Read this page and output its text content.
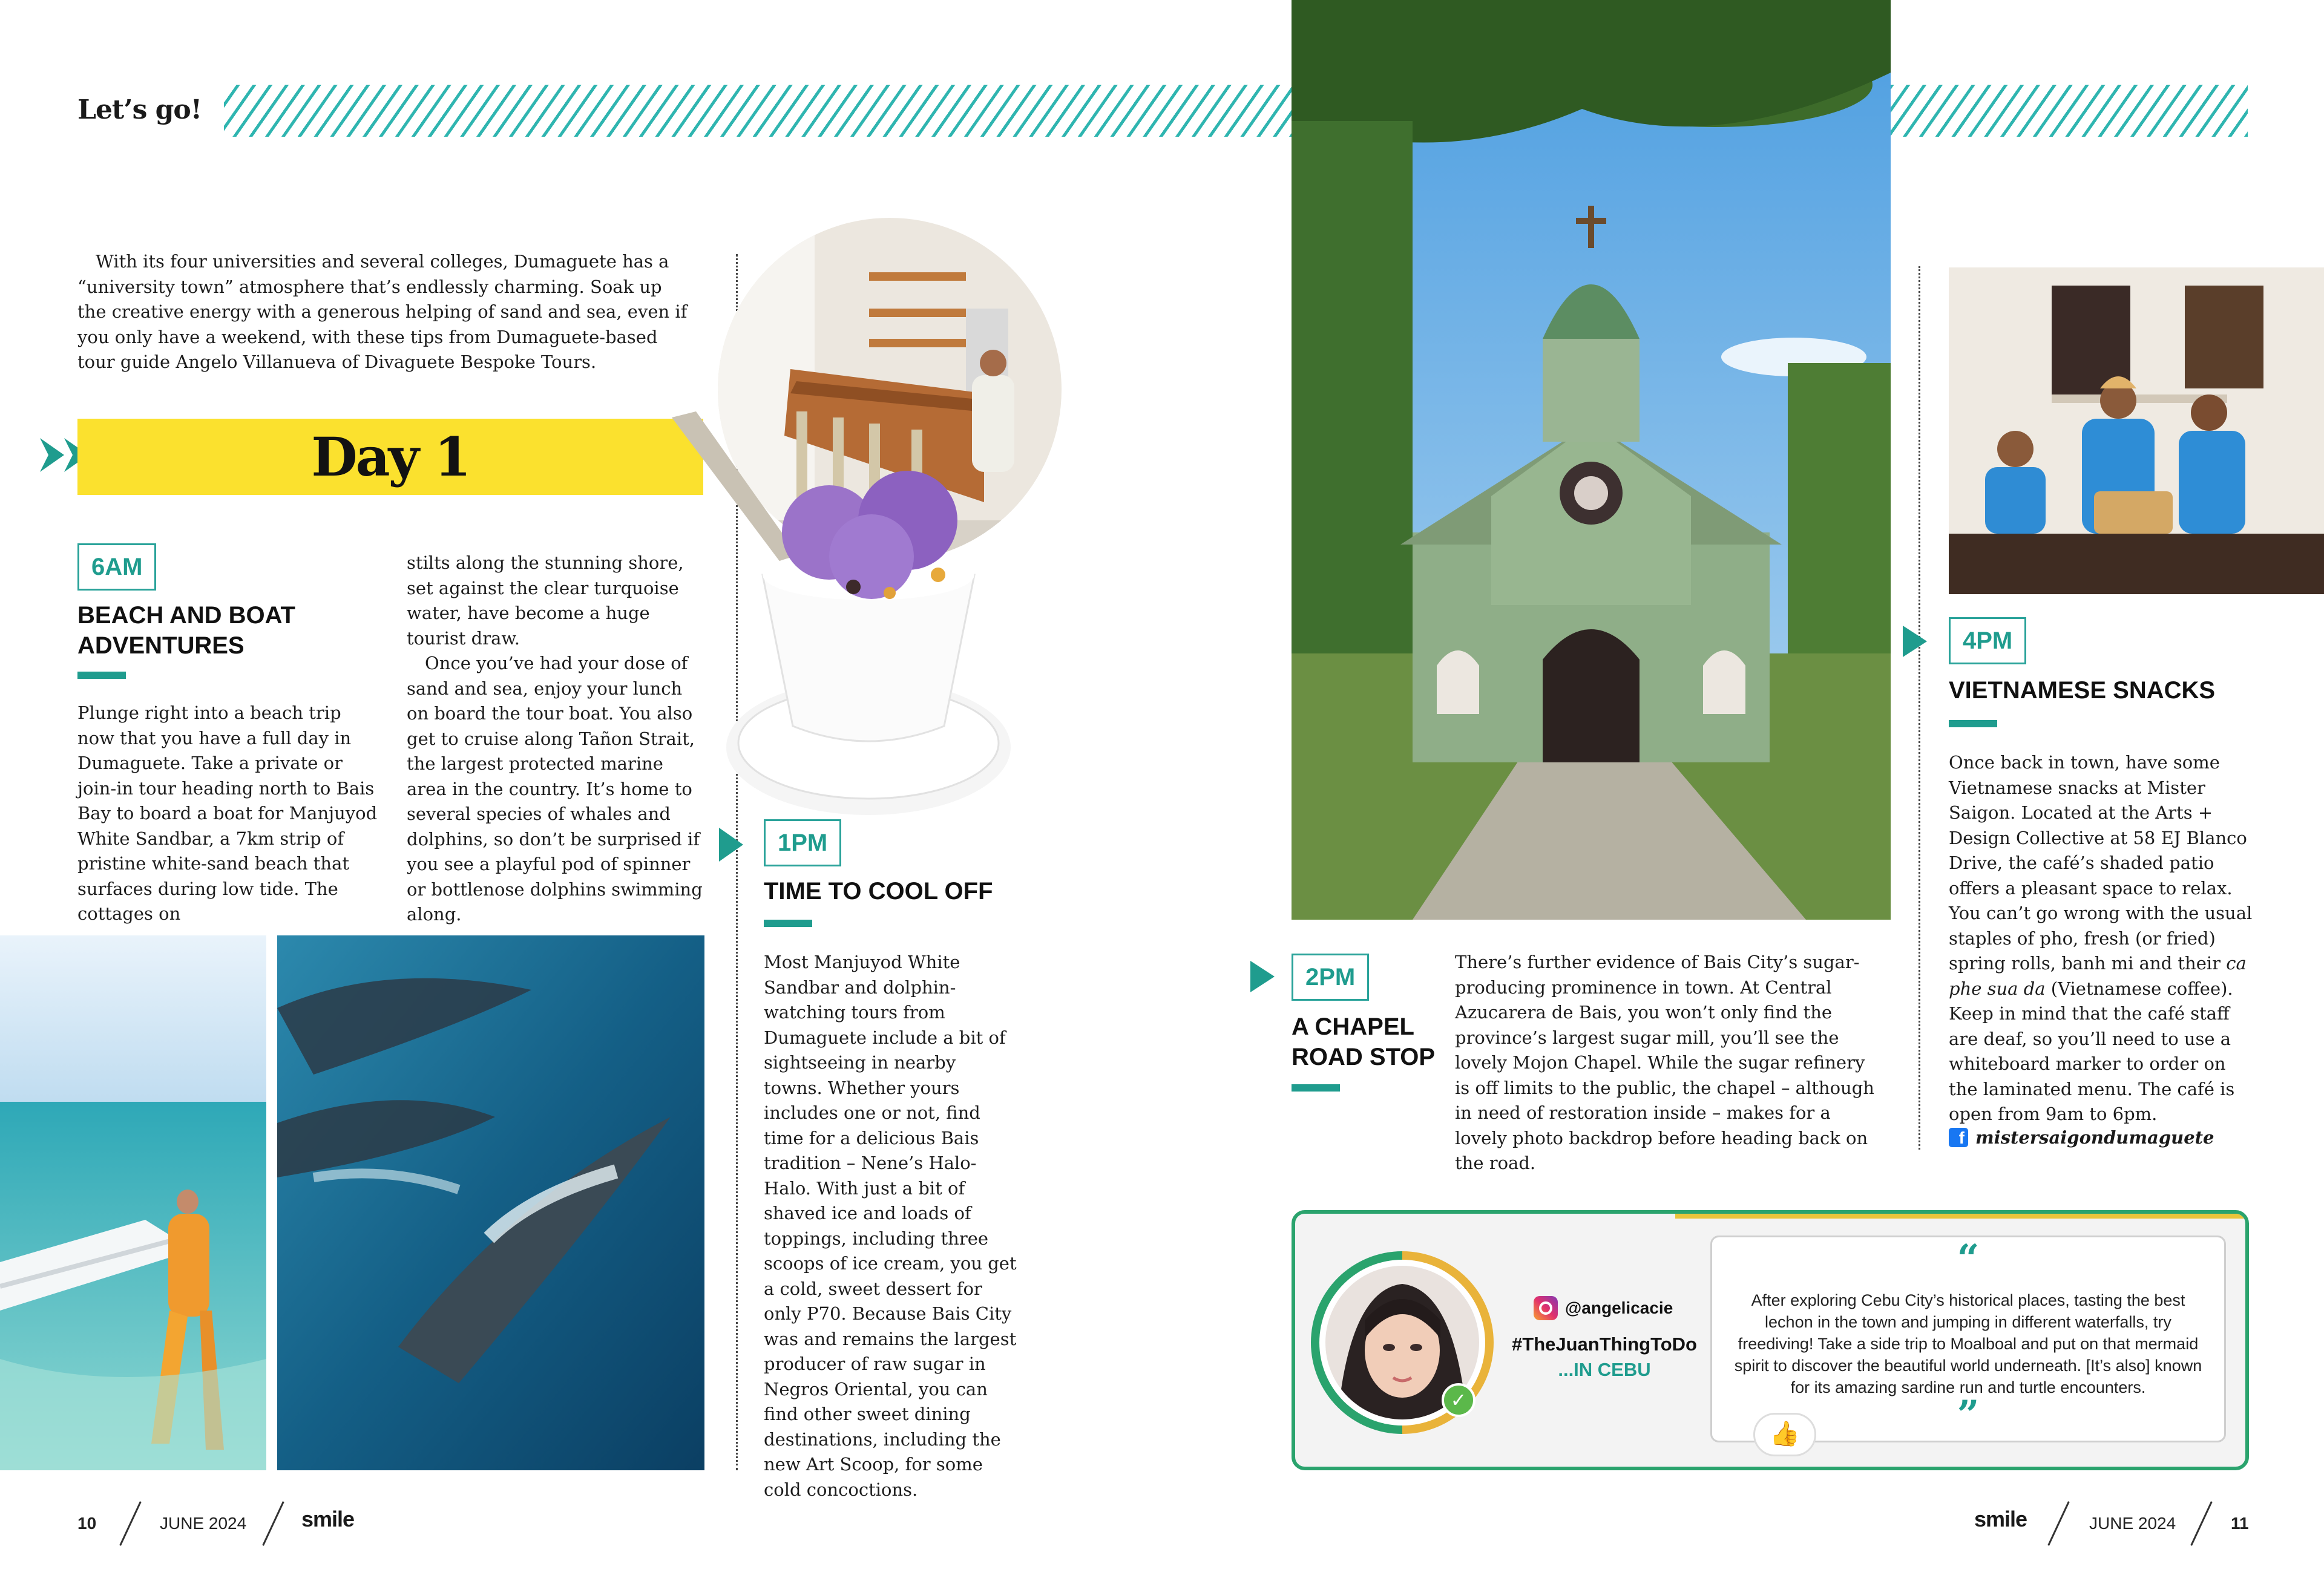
Let’s go!

With its four universities and several colleges, Dumaguete has a “university town” atmosphere that’s endlessly charming. Soak up the creative energy with a generous helping of sand and sea, even if you only have a weekend, with these tips from Dumaguete-based tour guide Angelo Villanueva of Divaguete Bespoke Tours.

Day 1
6AM
BEACH AND BOAT ADVENTURES

Plunge right into a beach trip now that you have a full day in Dumaguete. Take a private or join-in tour heading north to Bais Bay to board a boat for Manjuyod White Sandbar, a 7km strip of pristine white-sand beach that surfaces during low tide. The cottages on

stilts along the stunning shore, set against the clear turquoise water, have become a huge tourist draw.

Once you’ve had your dose of sand and sea, enjoy your lunch on board the tour boat. You also get to cruise along Tañon Strait, the largest protected marine area in the country. It’s home to several species of whales and dolphins, so don’t be surprised if you see a playful pod of spinner or bottlenose dolphins swimming along.

1PM
TIME TO COOL OFF

Most Manjuyod White Sandbar and dolphin-watching tours from Dumaguete include a bit of sightseeing in nearby towns. Whether yours includes one or not, find time for a delicious Bais tradition – Nene’s Halo-Halo. With just a bit of shaved ice and loads of toppings, including three scoops of ice cream, you get a cold, sweet dessert for only P70. Because Bais City was and remains the largest producer of raw sugar in Negros Oriental, you can find other sweet dining destinations, including the new Art Scoop, for some cold concoctions.

2PM
A CHAPEL ROAD STOP

There’s further evidence of Bais City’s sugar-producing prominence in town. At Central Azucarera de Bais, you won’t only find the province’s largest sugar mill, you’ll see the lovely Mojon Chapel. While the sugar refinery is off limits to the public, the chapel – although in need of restoration inside – makes for a lovely photo backdrop before heading back on the road.

4PM
VIETNAMESE SNACKS

Once back in town, have some Vietnamese snacks at Mister Saigon. Located at the Arts + Design Collective at 58 EJ Blanco Drive, the café’s shaded patio offers a pleasant space to relax. You can’t go wrong with the usual staples of pho, fresh (or fried) spring rolls, banh mi and their ca phe sua da (Vietnamese coffee). Keep in mind that the café staff are deaf, so you’ll need to use a whiteboard marker to order on the laminated menu. The café is open from 9am to 6pm.

f mistersaigondumaguete
✓
@angelicacie
#TheJuanThingToDo
...IN CEBU
“

After exploring Cebu City’s historical places, tasting the best lechon in the town and jumping in different waterfalls, try freediving! Take a side trip to Moalboal and put on that mermaid spirit to discover the beautiful world underneath. [It’s also] known for its amazing sardine run and turtle encounters.

”
👍
10	JUNE 2024	smile	smile	JUNE 2024	11
